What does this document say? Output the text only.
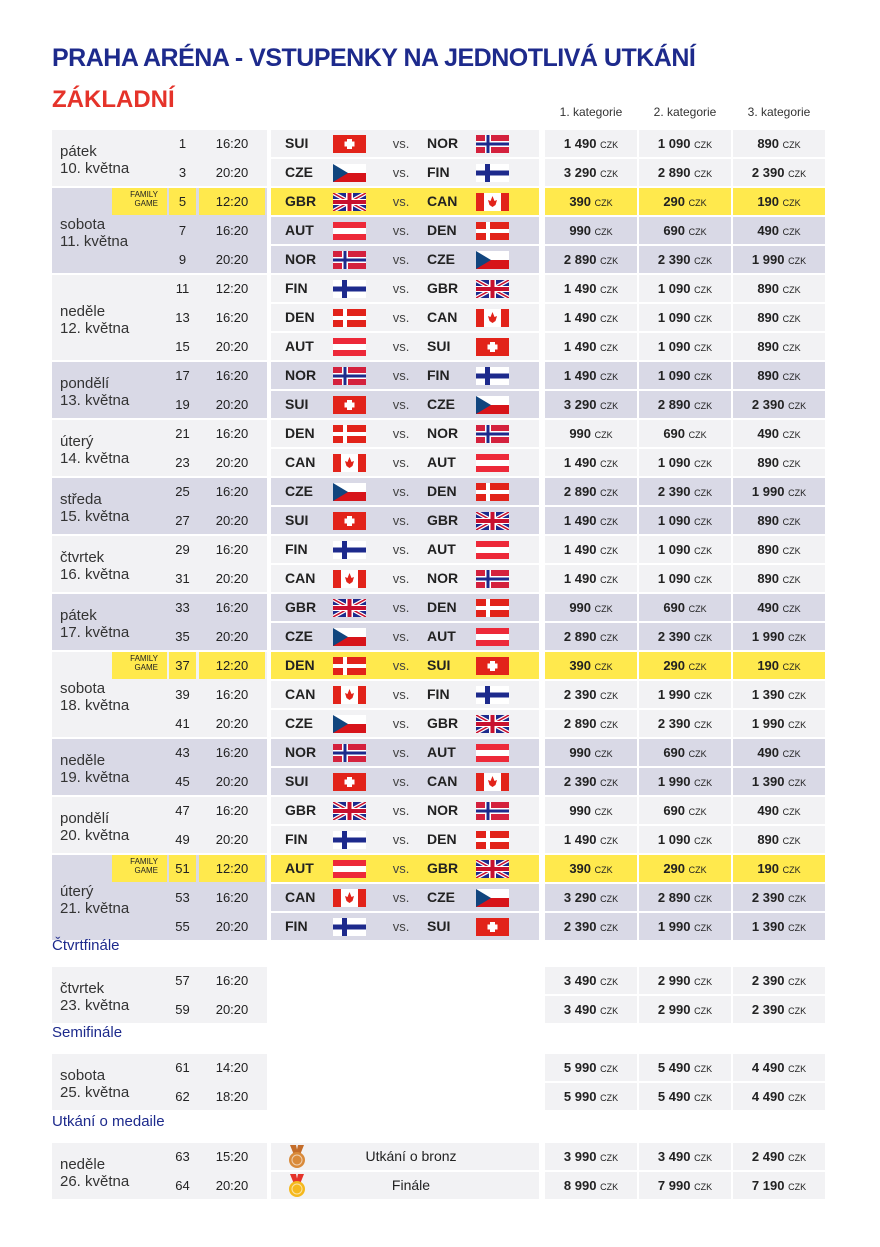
PRAHA ARÉNA - VSTUPENKY NA JEDNOTLIVÁ UTKÁNÍ
ZÁKLADNÍ	1. kategorie	2. kategorie	3. kategorie
pátek
10. května
1	16:20	SUI	vs.	NOR	1 490 CZK	1 090 CZK	890 CZK
3	20:20	CZE	vs.	FIN	3 290 CZK	2 890 CZK	2 390 CZK
sobota
11. května
FAMILY GAME	5	12:20	GBR	vs.	CAN	390 CZK	290 CZK	190 CZK
7	16:20	AUT	vs.	DEN	990 CZK	690 CZK	490 CZK
9	20:20	NOR	vs.	CZE	2 890 CZK	2 390 CZK	1 990 CZK
neděle
12. května
11	12:20	FIN	vs.	GBR	1 490 CZK	1 090 CZK	890 CZK
13	16:20	DEN	vs.	CAN	1 490 CZK	1 090 CZK	890 CZK
15	20:20	AUT	vs.	SUI	1 490 CZK	1 090 CZK	890 CZK
pondělí
13. května
17	16:20	NOR	vs.	FIN	1 490 CZK	1 090 CZK	890 CZK
19	20:20	SUI	vs.	CZE	3 290 CZK	2 890 CZK	2 390 CZK
úterý
14. května
21	16:20	DEN	vs.	NOR	990 CZK	690 CZK	490 CZK
23	20:20	CAN	vs.	AUT	1 490 CZK	1 090 CZK	890 CZK
středa
15. května
25	16:20	CZE	vs.	DEN	2 890 CZK	2 390 CZK	1 990 CZK
27	20:20	SUI	vs.	GBR	1 490 CZK	1 090 CZK	890 CZK
čtvrtek
16. května
29	16:20	FIN	vs.	AUT	1 490 CZK	1 090 CZK	890 CZK
31	20:20	CAN	vs.	NOR	1 490 CZK	1 090 CZK	890 CZK
pátek
17. května
33	16:20	GBR	vs.	DEN	990 CZK	690 CZK	490 CZK
35	20:20	CZE	vs.	AUT	2 890 CZK	2 390 CZK	1 990 CZK
sobota
18. května
FAMILY GAME	37	12:20	DEN	vs.	SUI	390 CZK	290 CZK	190 CZK
39	16:20	CAN	vs.	FIN	2 390 CZK	1 990 CZK	1 390 CZK
41	20:20	CZE	vs.	GBR	2 890 CZK	2 390 CZK	1 990 CZK
neděle
19. května
43	16:20	NOR	vs.	AUT	990 CZK	690 CZK	490 CZK
45	20:20	SUI	vs.	CAN	2 390 CZK	1 990 CZK	1 390 CZK
pondělí
20. května
47	16:20	GBR	vs.	NOR	990 CZK	690 CZK	490 CZK
49	20:20	FIN	vs.	DEN	1 490 CZK	1 090 CZK	890 CZK
úterý
21. května
FAMILY GAME	51	12:20	AUT	vs.	GBR	390 CZK	290 CZK	190 CZK
53	16:20	CAN	vs.	CZE	3 290 CZK	2 890 CZK	2 390 CZK
55	20:20	FIN	vs.	SUI	2 390 CZK	1 990 CZK	1 390 CZK
Čtvrtfinále
čtvrtek
23. května
57	16:20	3 490 CZK	2 990 CZK	2 390 CZK
59	20:20	3 490 CZK	2 990 CZK	2 390 CZK
Semifinále
sobota
25. května
61	14:20	5 990 CZK	5 490 CZK	4 490 CZK
62	18:20	5 990 CZK	5 490 CZK	4 490 CZK
Utkání o medaile
neděle
26. května
63	15:20	Utkání o bronz	3 990 CZK	3 490 CZK	2 490 CZK
64	20:20	Finále	8 990 CZK	7 990 CZK	7 190 CZK
